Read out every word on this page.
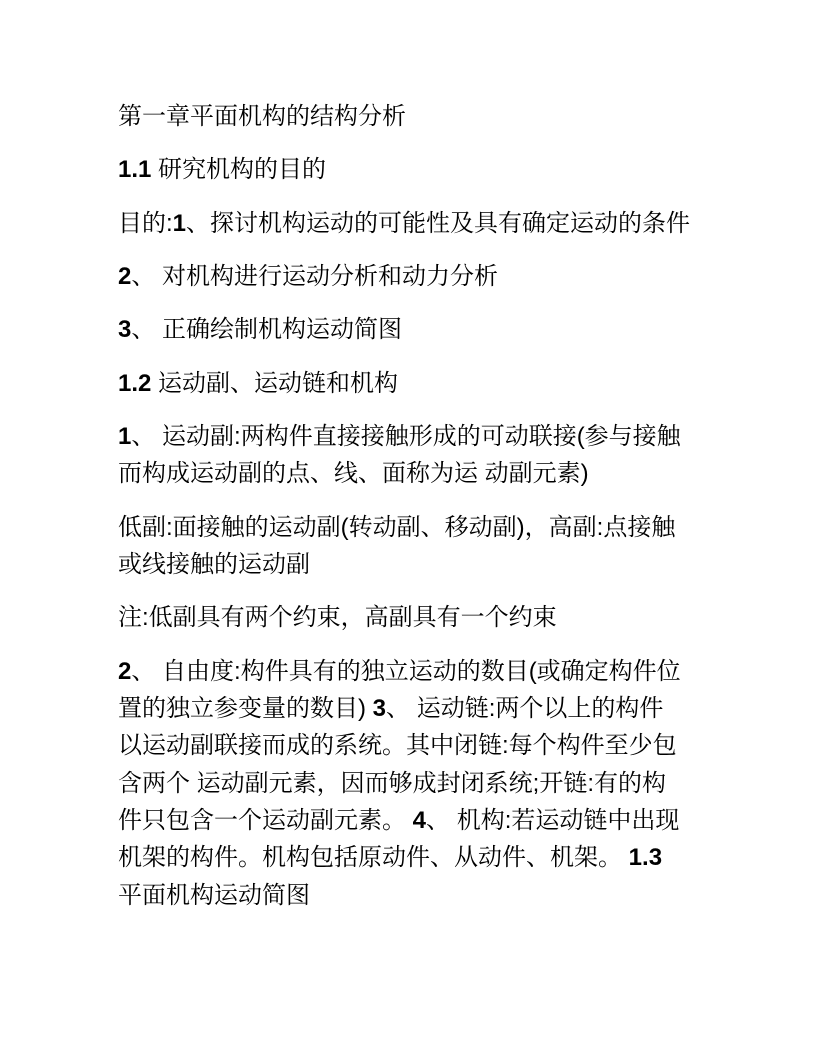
第一章平面机构的结构分析
1.1 研究机构的目的
目的:1、探讨机构运动的可能性及具有确定运动的条件
2、 对机构进行运动分析和动力分析
3、 正确绘制机构运动简图
1.2 运动副、运动链和机构
1、 运动副:两构件直接接触形成的可动联接(参与接触
而构成运动副的点、线、面称为运 动副元素)
低副:面接触的运动副(转动副、移动副)，高副:点接触
或线接触的运动副
注:低副具有两个约束，高副具有一个约束
2、 自由度:构件具有的独立运动的数目(或确定构件位
置的独立参变量的数目) 3、 运动链:两个以上的构件
以运动副联接而成的系统。其中闭链:每个构件至少包
含两个 运动副元素，因而够成封闭系统;开链:有的构
件只包含一个运动副元素。 4、 机构:若运动链中出现
机架的构件。机构包括原动件、从动件、机架。 1.3
平面机构运动简图
